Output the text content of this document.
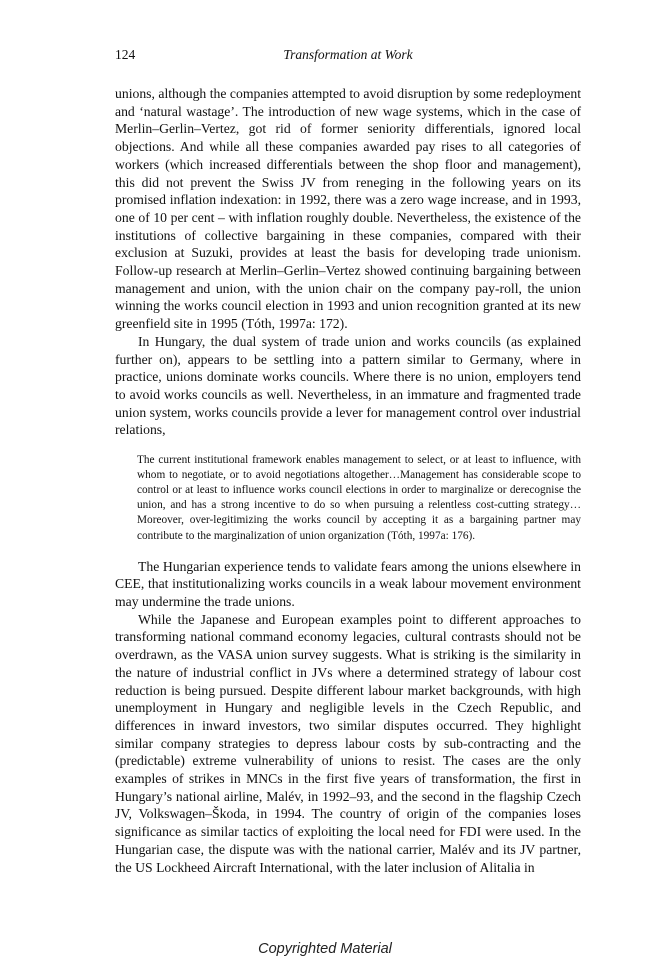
124	Transformation at Work

unions, although the companies attempted to avoid disruption by some redeployment and ‘natural wastage’. The introduction of new wage systems, which in the case of Merlin–Gerlin–Vertez, got rid of former seniority differentials, ignored local objections. And while all these companies awarded pay rises to all categories of workers (which increased differentials between the shop floor and management), this did not prevent the Swiss JV from reneging in the following years on its promised inflation indexation: in 1992, there was a zero wage increase, and in 1993, one of 10 per cent – with inflation roughly double. Nevertheless, the existence of the institutions of collective bargaining in these companies, compared with their exclusion at Suzuki, provides at least the basis for developing trade unionism. Follow-up research at Merlin–Gerlin–Vertez showed continuing bargaining between management and union, with the union chair on the company pay-roll, the union winning the works council election in 1993 and union recognition granted at its new greenfield site in 1995 (Tóth, 1997a: 172).

In Hungary, the dual system of trade union and works councils (as explained further on), appears to be settling into a pattern similar to Germany, where in practice, unions dominate works councils. Where there is no union, employers tend to avoid works councils as well. Nevertheless, in an immature and fragmented trade union system, works councils provide a lever for management control over industrial relations,

The current institutional framework enables management to select, or at least to influence, with whom to negotiate, or to avoid negotiations altogether…Management has considerable scope to control or at least to influence works council elections in order to marginalize or derecognise the union, and has a strong incentive to do so when pursuing a relentless cost-cutting strategy…Moreover, over-legitimizing the works council by accepting it as a bargaining partner may contribute to the marginalization of union organization (Tóth, 1997a: 176).

The Hungarian experience tends to validate fears among the unions elsewhere in CEE, that institutionalizing works councils in a weak labour movement environment may undermine the trade unions.

While the Japanese and European examples point to different approaches to transforming national command economy legacies, cultural contrasts should not be overdrawn, as the VASA union survey suggests. What is striking is the similarity in the nature of industrial conflict in JVs where a determined strategy of labour cost reduction is being pursued. Despite different labour market backgrounds, with high unemployment in Hungary and negligible levels in the Czech Republic, and differences in inward investors, two similar disputes occurred. They highlight similar company strategies to depress labour costs by sub-contracting and the (predictable) extreme vulnerability of unions to resist. The cases are the only examples of strikes in MNCs in the first five years of transformation, the first in Hungary’s national airline, Malév, in 1992–93, and the second in the flagship Czech JV, Volkswagen–Škoda, in 1994. The country of origin of the companies loses significance as similar tactics of exploiting the local need for FDI were used. In the Hungarian case, the dispute was with the national carrier, Malév and its JV partner, the US Lockheed Aircraft International, with the later inclusion of Alitalia in

Copyrighted Material
